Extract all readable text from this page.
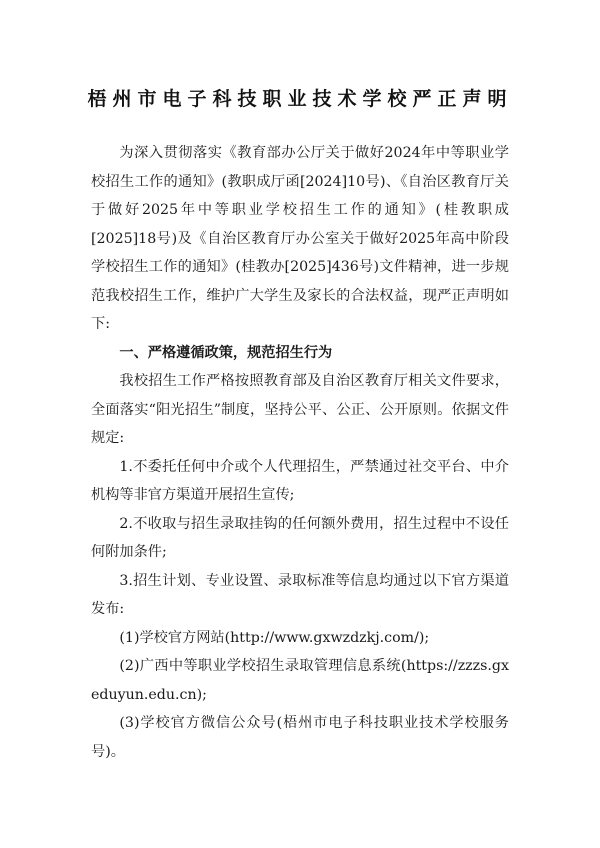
梧州市电子科技职业技术学校严正声明

为深入贯彻落实《教育部办公厅关于做好2024年中等职业学校招生工作的通知》(教职成厅函[2024]10号)、《自治区教育厅关于做好2025年中等职业学校招生工作的通知》(桂教职成[2025]18号)及《自治区教育厅办公室关于做好2025年高中阶段学校招生工作的通知》(桂教办[2025]436号)文件精神，进一步规范我校招生工作，维护广大学生及家长的合法权益，现严正声明如下:

一、严格遵循政策，规范招生行为

我校招生工作严格按照教育部及自治区教育厅相关文件要求，全面落实“阳光招生”制度，坚持公平、公正、公开原则。依据文件规定:

1.不委托任何中介或个人代理招生，严禁通过社交平台、中介机构等非官方渠道开展招生宣传;

2.不收取与招生录取挂钩的任何额外费用，招生过程中不设任何附加条件;

3.招生计划、专业设置、录取标准等信息均通过以下官方渠道发布:

(1)学校官方网站(http://www.gxwzdzkj.com/);

(2)广西中等职业学校招生录取管理信息系统(https://zzzs.gxeduyun.edu.cn);

(3)学校官方微信公众号(梧州市电子科技职业技术学校服务号)。
